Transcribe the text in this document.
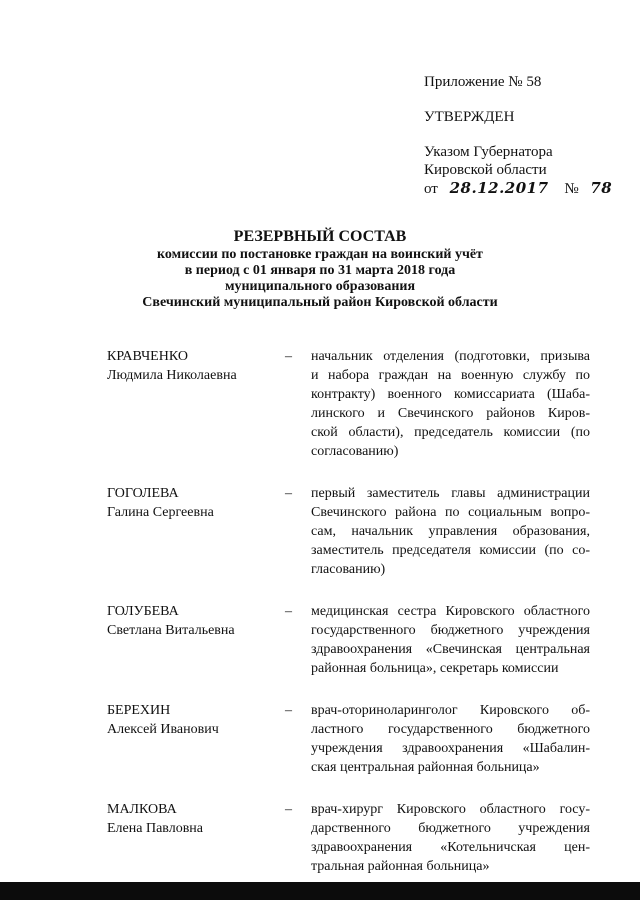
Приложение № 58
УТВЕРЖДЕН
Указом Губернатора
Кировской области
от 28.12.2017 № 78
РЕЗЕРВНЫЙ СОСТАВ
комиссии по постановке граждан на воинский учёт
в период с 01 января по 31 марта 2018 года
муниципального образования
Свечинский муниципальный район Кировской области
КРАВЧЕНКО
Людмила Николаевна
–	начальник отделения (подготовки, призыва
и набора граждан на военную службу по
контракту) военного комиссариата (Шаба-
линского и Свечинского районов Киров-
ской области), председатель комиссии (по
согласованию)
ГОГОЛЕВА
Галина Сергеевна
–	первый заместитель главы администрации
Свечинского района по социальным вопро-
сам, начальник управления образования,
заместитель председателя комиссии (по со-
гласованию)
ГОЛУБЕВА
Светлана Витальевна
–	медицинская сестра Кировского областного
государственного бюджетного учреждения
здравоохранения «Свечинская центральная
районная больница», секретарь комиссии
БЕРЕХИН
Алексей Иванович
–	врач-оториноларинголог Кировского об-
ластного государственного бюджетного
учреждения здравоохранения «Шабалин-
ская центральная районная больница»
МАЛКОВА
Елена Павловна
–	врач-хирург Кировского областного госу-
дарственного бюджетного учреждения
здравоохранения «Котельничская цен-
тральная районная больница»
